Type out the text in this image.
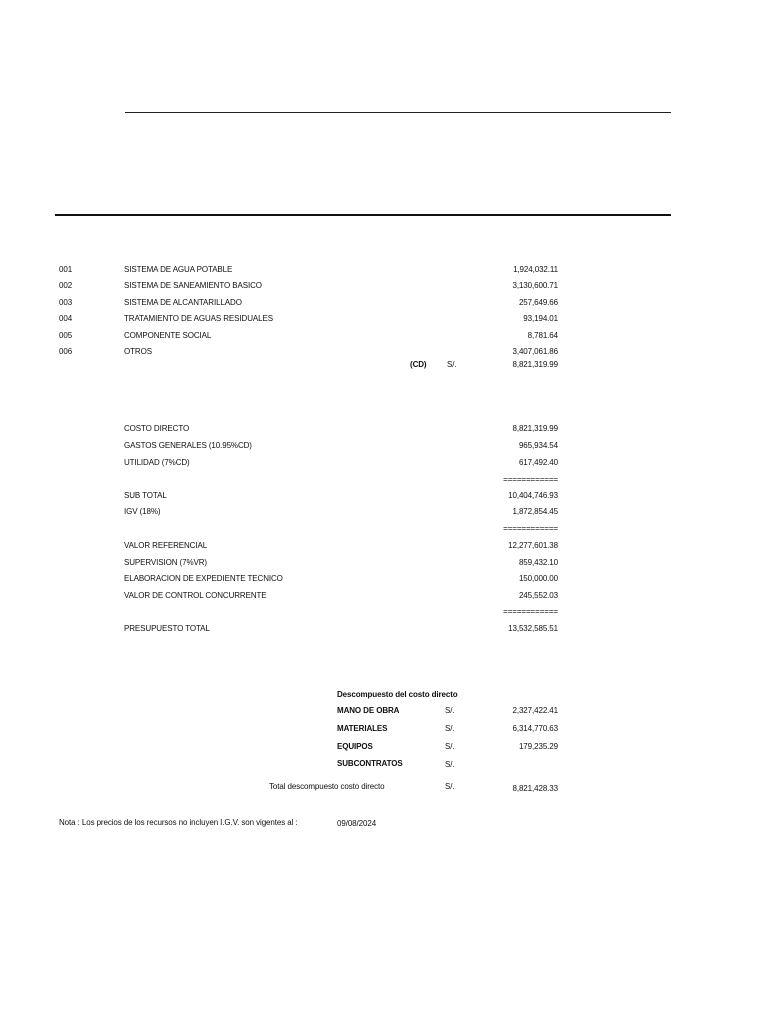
001	SISTEMA DE AGUA POTABLE	1,924,032.11
002	SISTEMA DE SANEAMIENTO BASICO	3,130,600.71
003	SISTEMA DE ALCANTARILLADO	257,649.66
004	TRATAMIENTO DE AGUAS RESIDUALES	93,194.01
005	COMPONENTE SOCIAL	8,781.64
006	OTROS	3,407,061.86
(CD)	S/.	8,821,319.99
COSTO DIRECTO	8,821,319.99
GASTOS GENERALES (10.95%CD)	965,934.54
UTILIDAD (7%CD)	617,492.40
============
SUB TOTAL	10,404,746.93
IGV (18%)	1,872,854.45
============
VALOR REFERENCIAL	12,277,601.38
SUPERVISION (7%VR)	859,432.10
ELABORACION DE EXPEDIENTE TECNICO	150,000.00
VALOR DE CONTROL CONCURRENTE	245,552.03
============
PRESUPUESTO TOTAL	13,532,585.51
Descompuesto del costo directo
MANO DE OBRA	S/.	2,327,422.41
MATERIALES	S/.	6,314,770.63
EQUIPOS	S/.	179,235.29
SUBCONTRATOS	S/.
Total descompuesto costo directo	S/.	8,821,428.33
Nota : Los precios de los recursos no incluyen I.G.V. son vigentes al :	09/08/2024
